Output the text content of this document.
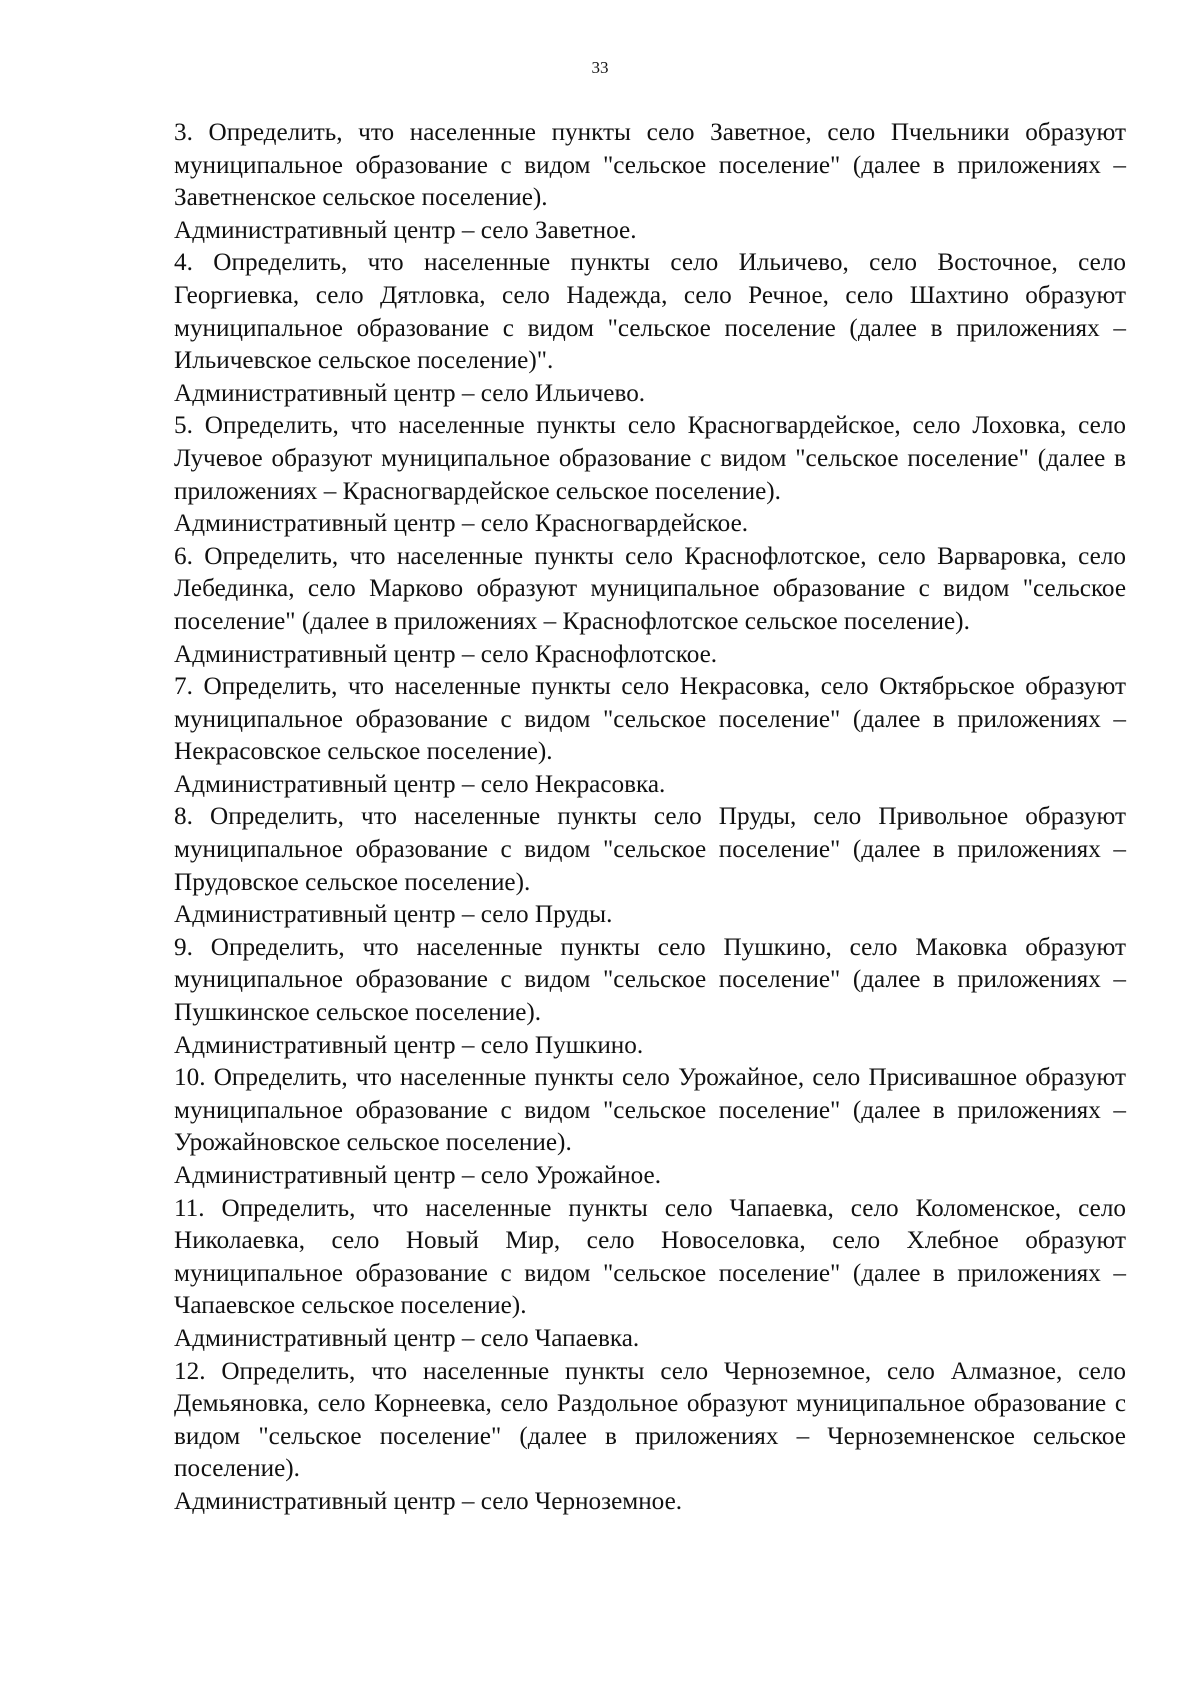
33

3. Определить, что населенные пункты село Заветное, село Пчельники образуют муниципальное образование с видом "сельское поселение" (далее в приложениях – Заветненское сельское поселение).

Административный центр – село Заветное.

4. Определить, что населенные пункты село Ильичево, село Восточное, село Георгиевка, село Дятловка, село Надежда, село Речное, село Шахтино образуют муниципальное образование с видом "сельское поселение (далее в приложениях – Ильичевское сельское поселение)".

Административный центр – село Ильичево.

5. Определить, что населенные пункты село Красногвардейское, село Лоховка, село Лучевое образуют муниципальное образование с видом "сельское поселение" (далее в приложениях – Красногвардейское сельское поселение).

Административный центр – село Красногвардейское.

6. Определить, что населенные пункты село Краснофлотское, село Варваровка, село Лебединка, село Марково образуют муниципальное образование с видом "сельское поселение" (далее в приложениях – Краснофлотское сельское поселение).

Административный центр – село Краснофлотское.

7. Определить, что населенные пункты село Некрасовка, село Октябрьское образуют муниципальное образование с видом "сельское поселение" (далее в приложениях – Некрасовское сельское поселение).

Административный центр – село Некрасовка.

8. Определить, что населенные пункты село Пруды, село Привольное образуют муниципальное образование с видом "сельское поселение" (далее в приложениях – Прудовское сельское поселение).

Административный центр – село Пруды.

9. Определить, что населенные пункты село Пушкино, село Маковка образуют муниципальное образование с видом "сельское поселение" (далее в приложениях – Пушкинское сельское поселение).

Административный центр – село Пушкино.

10. Определить, что населенные пункты село Урожайное, село Присивашное образуют муниципальное образование с видом "сельское поселение" (далее в приложениях – Урожайновское сельское поселение).

Административный центр – село Урожайное.

11. Определить, что населенные пункты село Чапаевка, село Коломенское, село Николаевка, село Новый Мир, село Новоселовка, село Хлебное образуют муниципальное образование с видом "сельское поселение" (далее в приложениях – Чапаевское сельское поселение).

Административный центр – село Чапаевка.

12. Определить, что населенные пункты село Черноземное, село Алмазное, село Демьяновка, село Корнеевка, село Раздольное образуют муниципальное образование с видом "сельское поселение" (далее в приложениях – Черноземненское сельское поселение).

Административный центр – село Черноземное.
